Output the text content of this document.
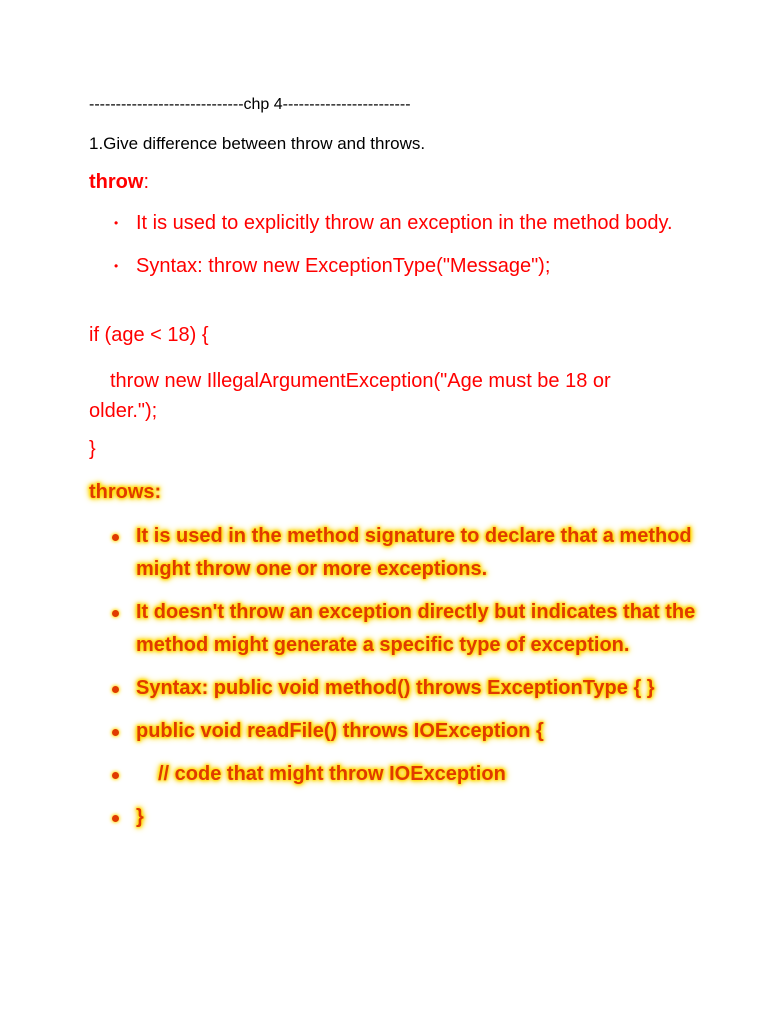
-----------------------------chp 4------------------------
1.Give difference between throw and throws.
throw:
• It is used to explicitly throw an exception in the method body.
• Syntax: throw new ExceptionType("Message");
if (age < 18) {
throw new IllegalArgumentException("Age must be 18 or older.");
}
throws:
It is used in the method signature to declare that a method might throw one or more exceptions.
It doesn't throw an exception directly but indicates that the method might generate a specific type of exception.
Syntax: public void method() throws ExceptionType { }
public void readFile() throws IOException {
// code that might throw IOException
}
